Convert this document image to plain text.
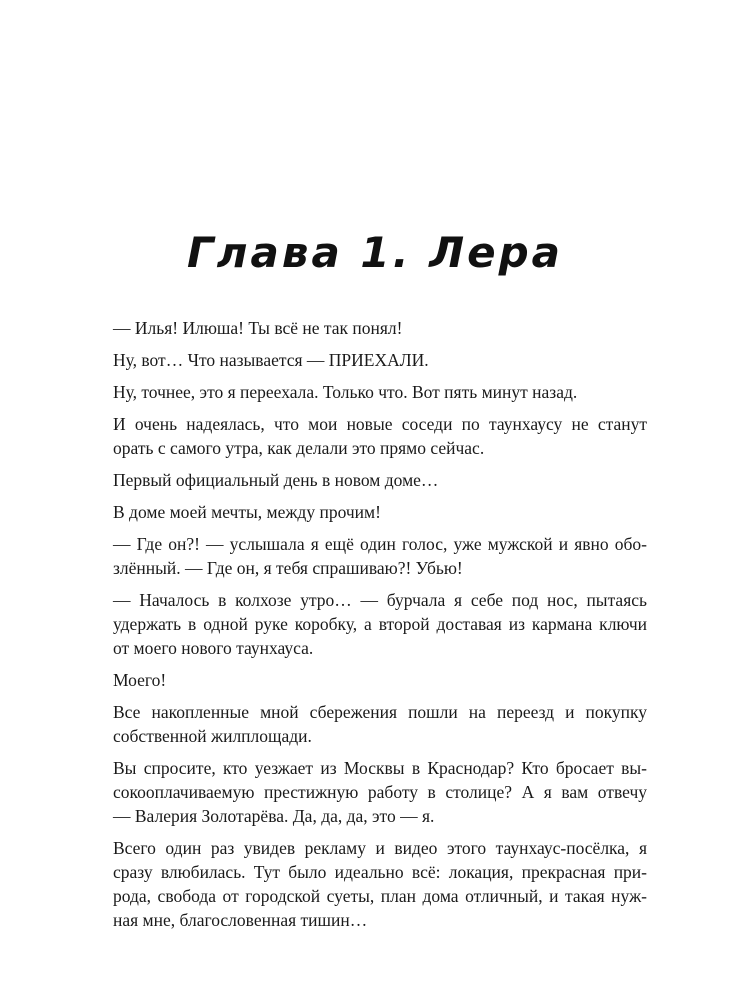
Глава 1. Лера

— Илья! Илюша! Ты всё не так понял!

Ну, вот… Что называется — ПРИЕХАЛИ.

Ну, точнее, это я переехала. Только что. Вот пять минут назад.

И очень надеялась, что мои новые соседи по таунхаусу не станут
орать с самого утра, как делали это прямо сейчас.

Первый официальный день в новом доме…

В доме моей мечты, между прочим!

— Где он?! — услышала я ещё один голос, уже мужской и явно обо-
злённый. — Где он, я тебя спрашиваю?! Убью!

— Началось в колхозе утро… — бурчала я себе под нос, пытаясь
удержать в одной руке коробку, а второй доставая из кармана ключи
от моего нового таунхауса.

Моего!

Все накопленные мной сбережения пошли на переезд и покупку
собственной жилплощади.

Вы спросите, кто уезжает из Москвы в Краснодар? Кто бросает вы-
сокооплачиваемую престижную работу в столице? А я вам отвечу
— Валерия Золотарёва. Да, да, да, это — я.

Всего один раз увидев рекламу и видео этого таунхаус-посёлка, я
сразу влюбилась. Тут было идеально всё: локация, прекрасная при-
рода, свобода от городской суеты, план дома отличный, и такая нуж-
ная мне, благословенная тишин…
